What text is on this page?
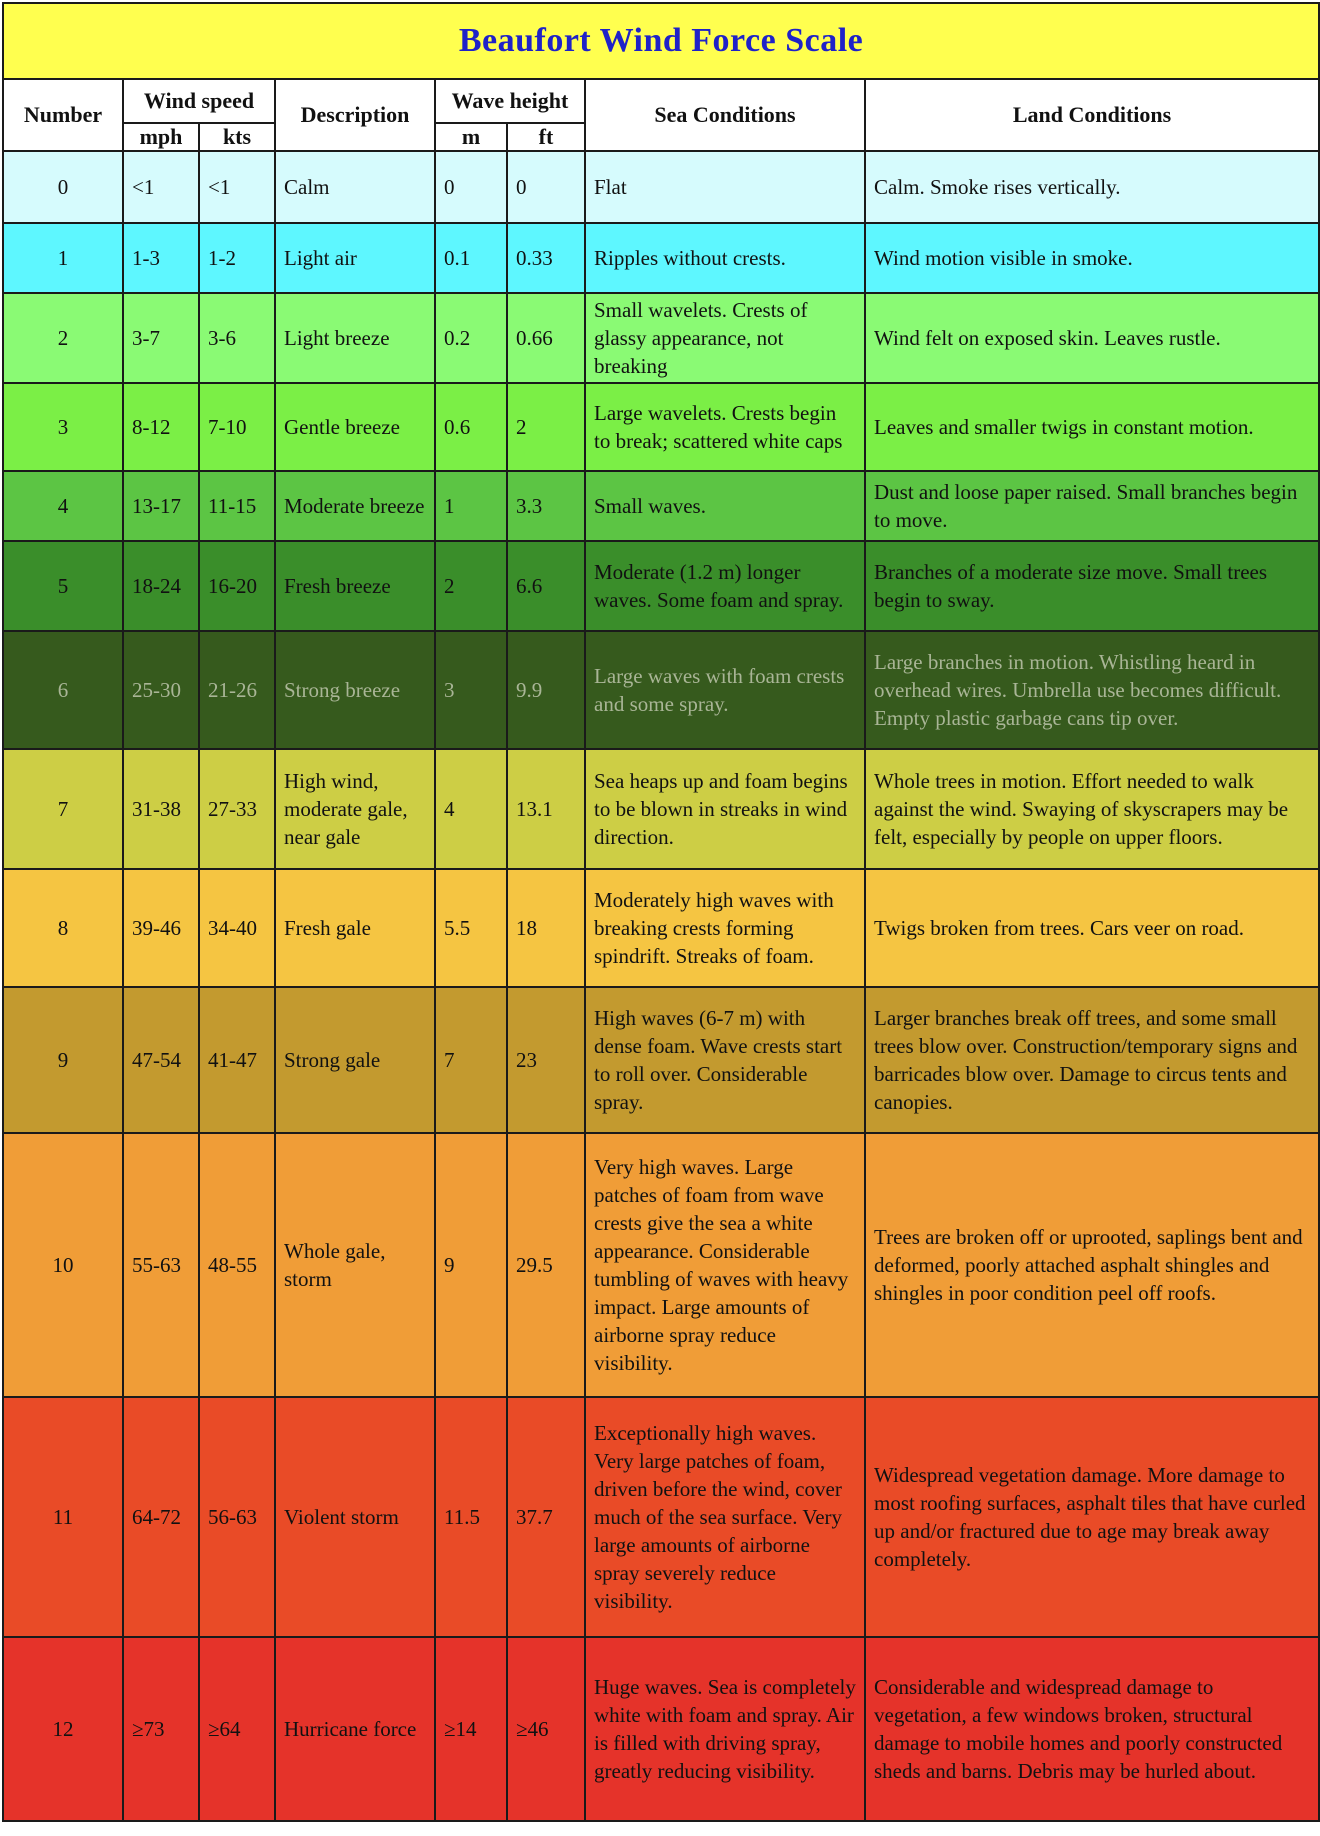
Beaufort Wind Force Scale							
Number	Wind speed		Description	Wave height		Sea Conditions	Land Conditions
	mph	kts		m	ft		
0	<1	<1	Calm	0	0	Flat	Calm. Smoke rises vertically.
1	1-3	1-2	Light air	0.1	0.33	Ripples without crests.	Wind motion visible in smoke.
2	3-7	3-6	Light breeze	0.2	0.66	Small wavelets. Crests of glassy appearance, not breaking	Wind felt on exposed skin. Leaves rustle.
3	8-12	7-10	Gentle breeze	0.6	2	Large wavelets. Crests begin to break; scattered white caps	Leaves and smaller twigs in constant motion.
4	13-17	11-15	Moderate breeze	1	3.3	Small waves.	Dust and loose paper raised. Small branches begin to move.
5	18-24	16-20	Fresh breeze	2	6.6	Moderate (1.2 m) longer waves. Some foam and spray.	Branches of a moderate size move. Small trees begin to sway.
6	25-30	21-26	Strong breeze	3	9.9	Large waves with foam crests and some spray.	Large branches in motion. Whistling heard in overhead wires. Umbrella use becomes difficult. Empty plastic garbage cans tip over.
7	31-38	27-33	High wind, moderate gale, near gale	4	13.1	Sea heaps up and foam begins to be blown in streaks in wind direction.	Whole trees in motion. Effort needed to walk against the wind. Swaying of skyscrapers may be felt, especially by people on upper floors.
8	39-46	34-40	Fresh gale	5.5	18	Moderately high waves with breaking crests forming spindrift. Streaks of foam.	Twigs broken from trees. Cars veer on road.
9	47-54	41-47	Strong gale	7	23	High waves (6-7 m) with dense foam. Wave crests start to roll over. Considerable spray.	Larger branches break off trees, and some small trees blow over. Construction/temporary signs and barricades blow over. Damage to circus tents and canopies.
10	55-63	48-55	Whole gale, storm	9	29.5	Very high waves. Large patches of foam from wave crests give the sea a white appearance. Considerable tumbling of waves with heavy impact. Large amounts of airborne spray reduce visibility.	Trees are broken off or uprooted, saplings bent and deformed, poorly attached asphalt shingles and shingles in poor condition peel off roofs.
11	64-72	56-63	Violent storm	11.5	37.7	Exceptionally high waves. Very large patches of foam, driven before the wind, cover much of the sea surface. Very large amounts of airborne spray severely reduce visibility.	Widespread vegetation damage. More damage to most roofing surfaces, asphalt tiles that have curled up and/or fractured due to age may break away completely.
12	≥73	≥64	Hurricane force	≥14	≥46	Huge waves. Sea is completely white with foam and spray. Air is filled with driving spray, greatly reducing visibility.	Considerable and widespread damage to vegetation, a few windows broken, structural damage to mobile homes and poorly constructed sheds and barns. Debris may be hurled about.
